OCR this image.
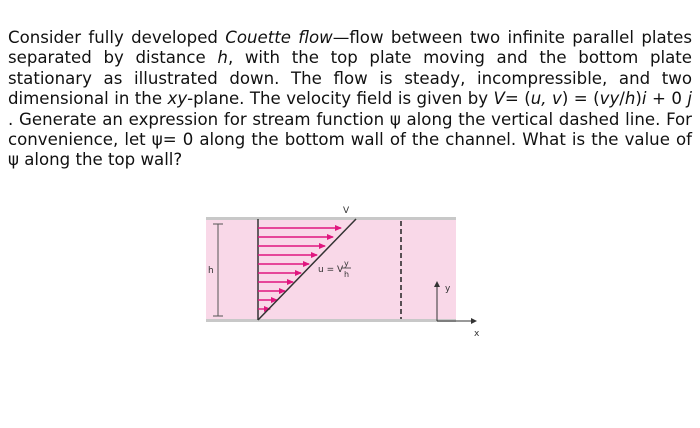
Consider fully developed Couette flow—flow between two infinite parallel plates separated by distance h, with the top plate moving and the bottom plate stationary as illustrated down. The flow is steady, incompressible, and two dimensional in the xy-plane. The velocity field is given by V= (u, v) = (vy/h)i + 0 j . Generate an expression for stream function ψ along the vertical dashed line. For convenience, let ψ= 0 along the bottom wall of the channel. What is the value of ψ along the top wall?
h
V
u = V
y
h
y
x
